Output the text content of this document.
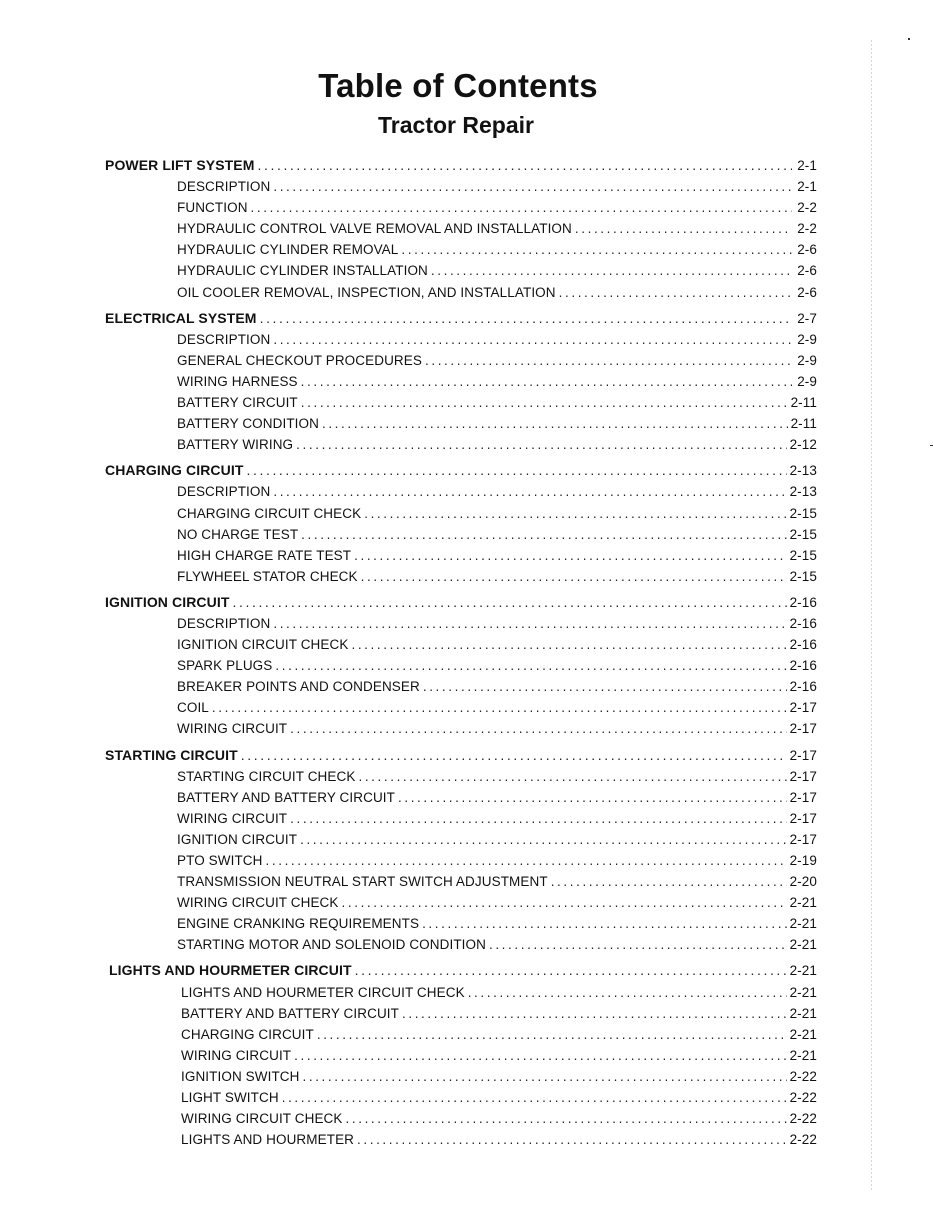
Table of Contents
Tractor Repair
POWER LIFT SYSTEM .....	2-1
DESCRIPTION .....	2-1
FUNCTION .....	2-2
HYDRAULIC CONTROL VALVE REMOVAL AND INSTALLATION .....	2-2
HYDRAULIC CYLINDER REMOVAL .....	2-6
HYDRAULIC CYLINDER INSTALLATION .....	2-6
OIL COOLER REMOVAL, INSPECTION, AND INSTALLATION .....	2-6
ELECTRICAL SYSTEM .....	2-7
DESCRIPTION .....	2-9
GENERAL CHECKOUT PROCEDURES .....	2-9
WIRING HARNESS .....	2-9
BATTERY CIRCUIT .....	2-11
BATTERY CONDITION .....	2-11
BATTERY WIRING .....	2-12
CHARGING CIRCUIT .....	2-13
DESCRIPTION .....	2-13
CHARGING CIRCUIT CHECK .....	2-15
NO CHARGE TEST .....	2-15
HIGH CHARGE RATE TEST .....	2-15
FLYWHEEL STATOR CHECK .....	2-15
IGNITION CIRCUIT .....	2-16
DESCRIPTION .....	2-16
IGNITION CIRCUIT CHECK .....	2-16
SPARK PLUGS .....	2-16
BREAKER POINTS AND CONDENSER .....	2-16
COIL .....	2-17
WIRING CIRCUIT .....	2-17
STARTING CIRCUIT .....	2-17
STARTING CIRCUIT CHECK .....	2-17
BATTERY AND BATTERY CIRCUIT .....	2-17
WIRING CIRCUIT .....	2-17
IGNITION CIRCUIT .....	2-17
PTO SWITCH .....	2-19
TRANSMISSION NEUTRAL START SWITCH ADJUSTMENT .....	2-20
WIRING CIRCUIT CHECK .....	2-21
ENGINE CRANKING REQUIREMENTS .....	2-21
STARTING MOTOR AND SOLENOID CONDITION .....	2-21
LIGHTS AND HOURMETER CIRCUIT .....	2-21
LIGHTS AND HOURMETER CIRCUIT CHECK .....	2-21
BATTERY AND BATTERY CIRCUIT .....	2-21
CHARGING CIRCUIT .....	2-21
WIRING CIRCUIT .....	2-21
IGNITION SWITCH .....	2-22
LIGHT SWITCH .....	2-22
WIRING CIRCUIT CHECK .....	2-22
LIGHTS AND HOURMETER .....	2-22
